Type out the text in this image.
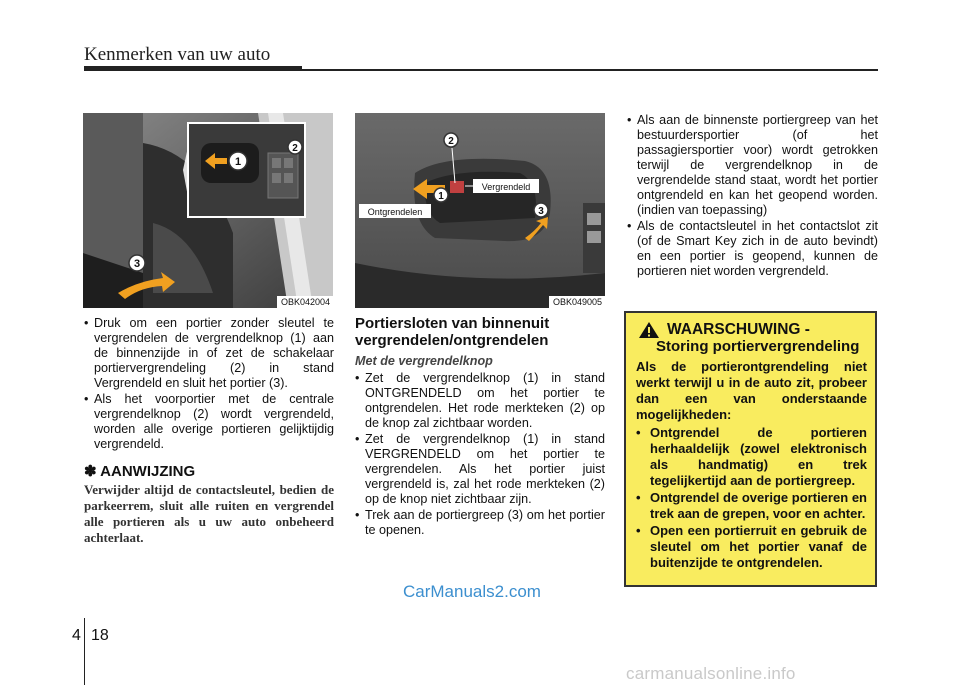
Kenmerken van uw auto
1
2
3
OBK042004
2
1
3
Vergrendeld
Ontgrendelen
OBK049005
• Druk om een portier zonder sleutel te vergrendelen de vergrendelknop (1) aan de binnenzijde in of zet de schakelaar portiervergrendeling (2) in stand Vergrendeld en sluit het portier (3).
• Als het voorportier met de centrale vergrendelknop (2) wordt vergrendeld, worden alle overige portieren gelijktijdig vergrendeld.
✽ AANWIJZING
Verwijder altijd de contactsleutel, bedien de parkeerrem, sluit alle ruiten en vergrendel alle portieren als u uw auto onbeheerd achterlaat.
Portiersloten van binnenuit vergrendelen/ontgrendelen
Met de vergrendelknop
• Zet de vergrendelknop (1) in stand ONTGRENDELD om het portier te ontgrendelen. Het rode merkteken (2) op de knop zal zichtbaar worden.
• Zet de vergrendelknop (1) in stand VERGRENDELD om het portier te vergrendelen. Als het portier juist vergrendeld is, zal het rode merkteken (2) op de knop niet zichtbaar zijn.
• Trek aan de portiergreep (3) om het portier te openen.
• Als aan de binnenste portiergreep van het bestuurdersportier (of het passagiersportier voor) wordt getrokken terwijl de vergrendelknop in de vergrendelde stand staat, wordt het portier ontgrendeld en kan het geopend worden. (indien van toepassing)
• Als de contactsleutel in het contactslot zit (of de Smart Key zich in de auto bevindt) en een portier is geopend, kunnen de portieren niet worden vergrendeld.
WAARSCHUWING -
Storing portiervergrendeling
Als de portierontgrendeling niet werkt terwijl u in de auto zit, probeer dan een van onderstaande mogelijkheden:
• Ontgrendel de portieren herhaaldelijk (zowel elektronisch als handmatig) en trek tegelijkertijd aan de portiergreep.
• Ontgrendel de overige portieren en trek aan de grepen, voor en achter.
• Open een portierruit en gebruik de sleutel om het portier vanaf de buitenzijde te ontgrendelen.
CarManuals2.com
4 18
carmanualsonline.info
